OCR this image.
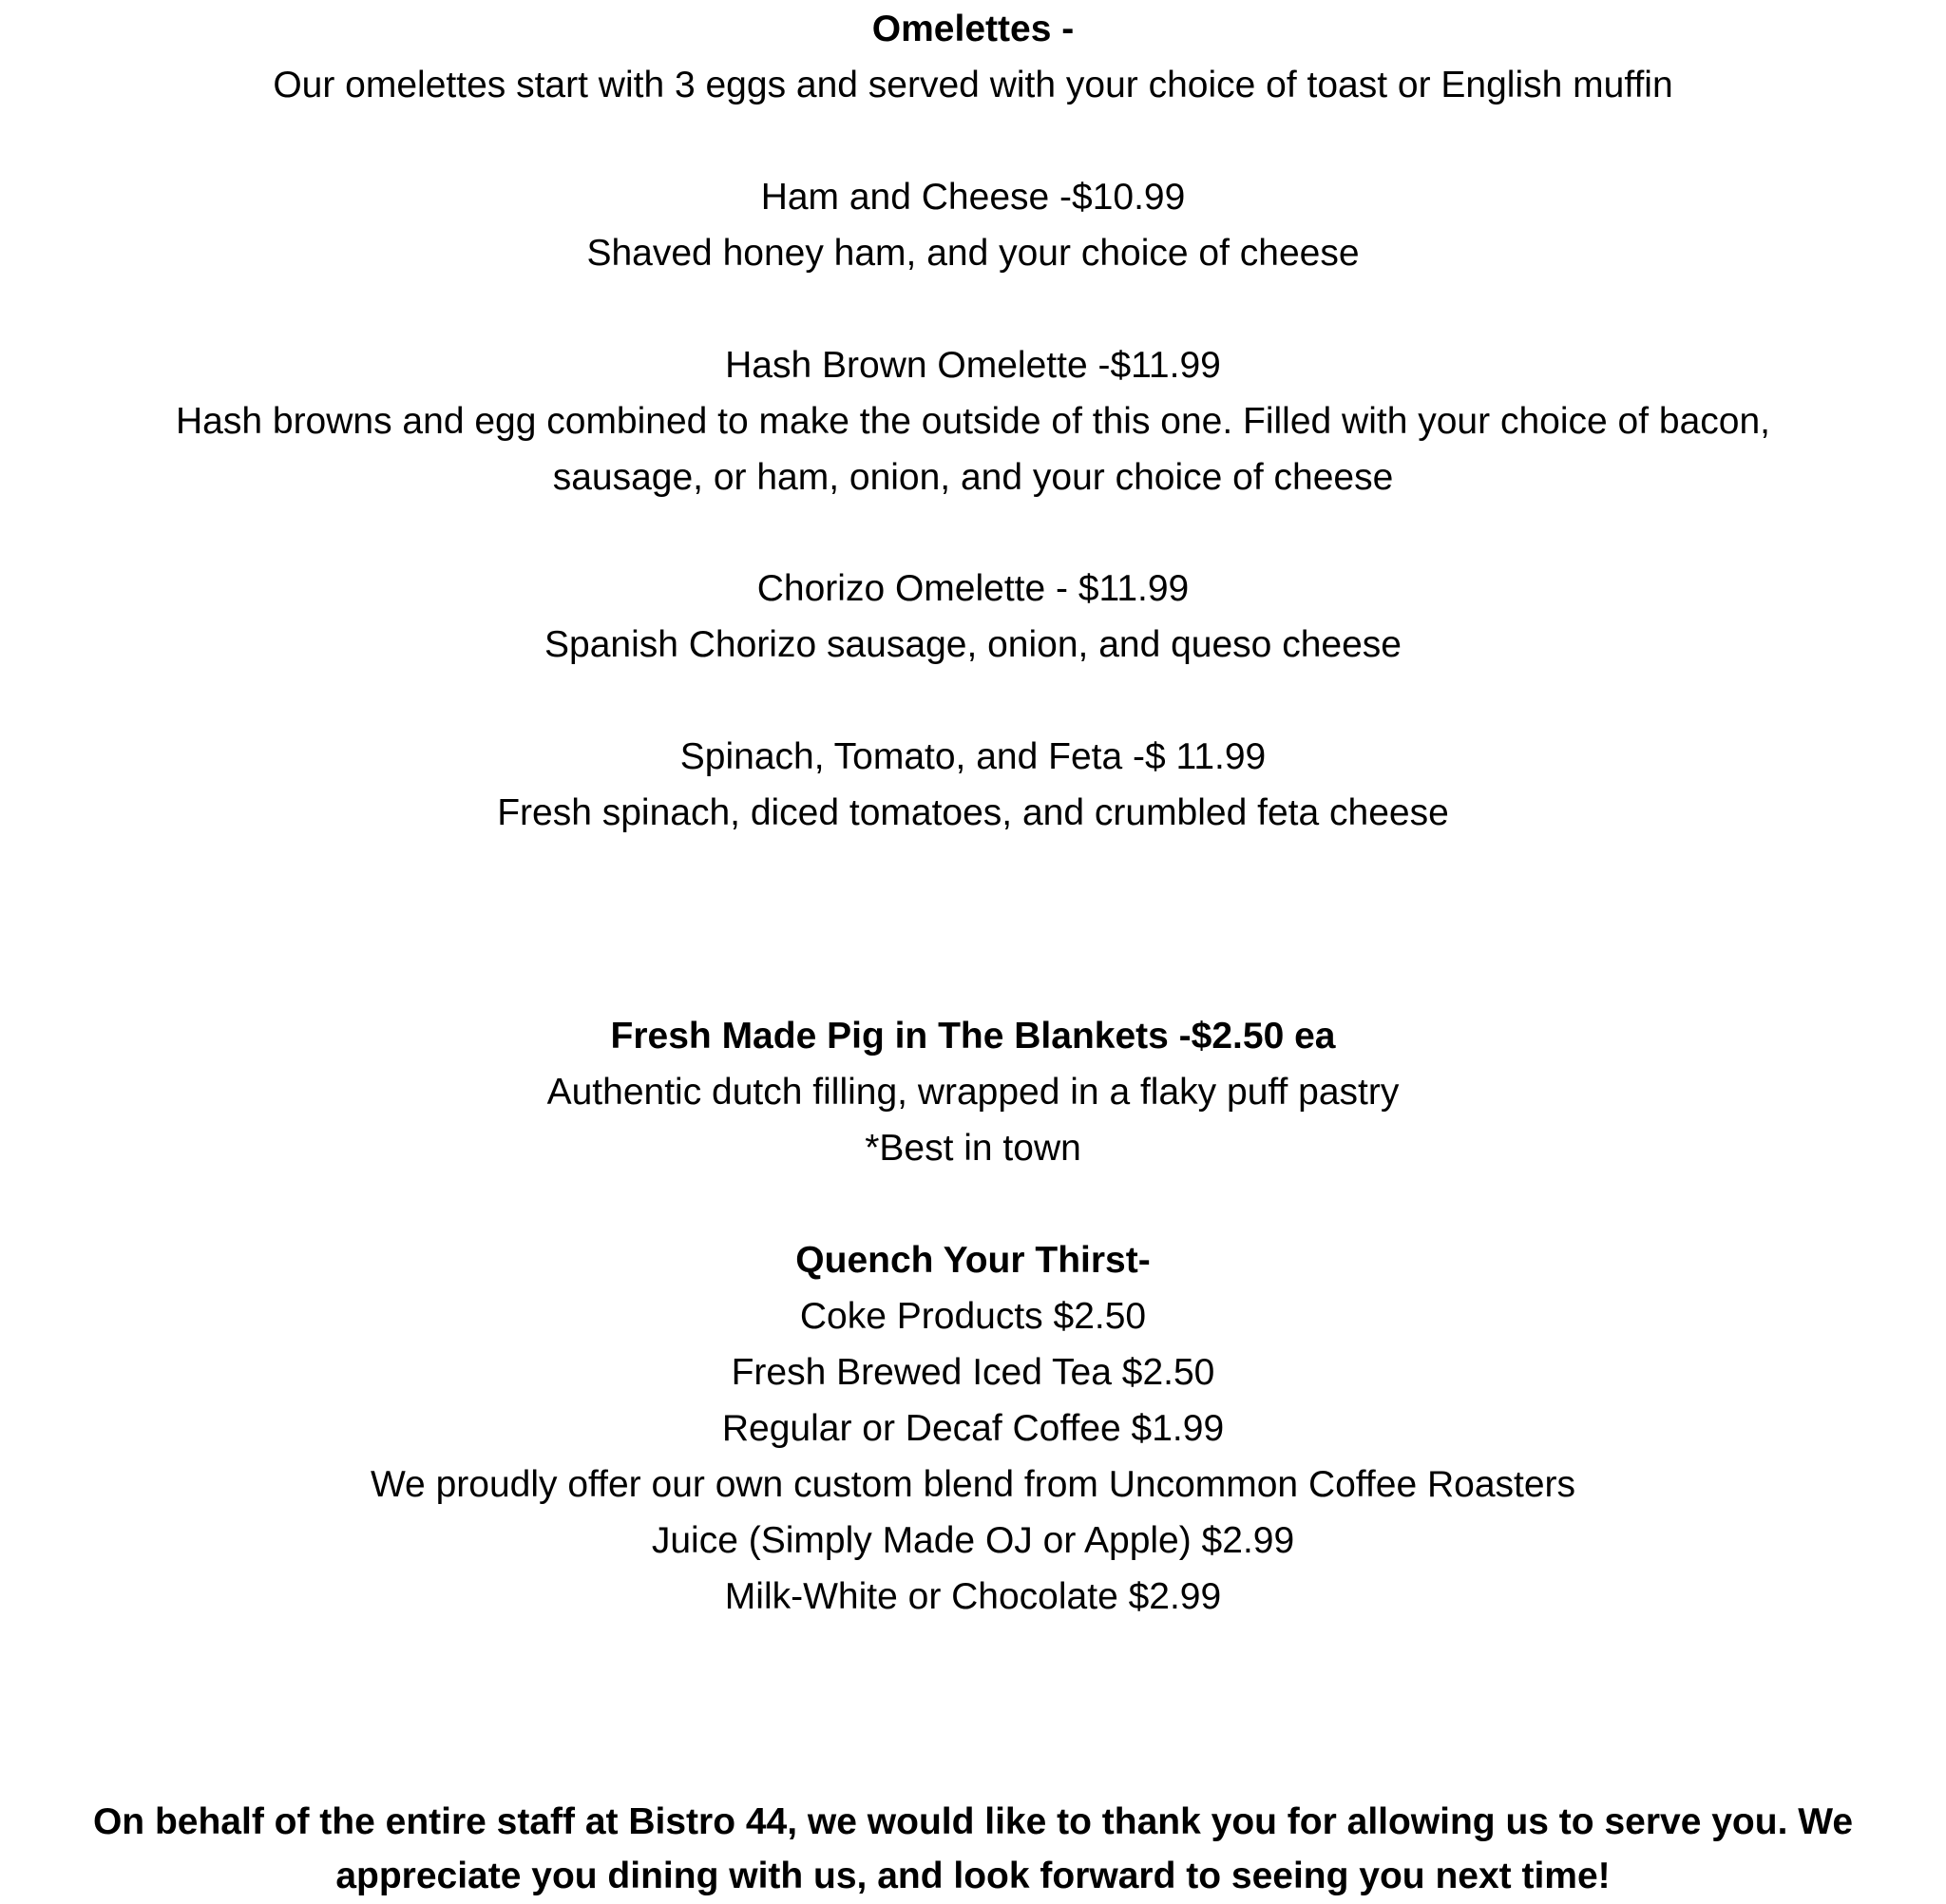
Omelettes -
Our omelettes start with 3 eggs and served with your choice of toast or English muffin
Ham and Cheese -$10.99
Shaved honey ham, and your choice of cheese
Hash Brown Omelette -$11.99
Hash browns and egg combined to make the outside of this one. Filled with your choice of bacon,
sausage, or ham, onion, and your choice of cheese
Chorizo Omelette - $11.99
Spanish Chorizo sausage, onion, and queso cheese
Spinach, Tomato, and Feta -$ 11.99
Fresh spinach, diced tomatoes, and crumbled feta cheese
Fresh Made Pig in The Blankets -$2.50 ea
Authentic dutch filling, wrapped in a flaky puff pastry
*Best in town
Quench Your Thirst-
Coke Products $2.50
Fresh Brewed Iced Tea $2.50
Regular or Decaf Coffee $1.99
We proudly offer our own custom blend from Uncommon Coffee Roasters
Juice (Simply Made OJ or Apple) $2.99
Milk-White or Chocolate $2.99
On behalf of the entire staff at Bistro 44, we would like to thank you for allowing us to serve you. We
appreciate you dining with us, and look forward to seeing you next time!
